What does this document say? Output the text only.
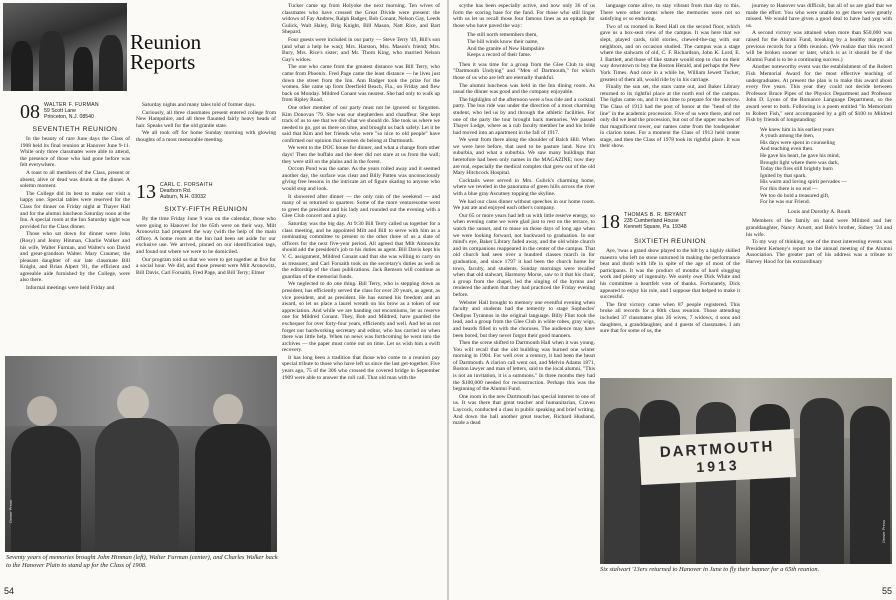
Reunion
Reports
08 WALTER F. FURMAN
59 Scott Lane
Princeton, N.J. 08540
SEVENTIETH REUNION

In the beauty of rare June days the Class of 1908 held its final reunion at Hanover June 9-11. While only three classmates were able to attend, the presence of those who had gone before was felt everywhere.

A toast to all members of the Class, present or absent, alive or dead was drunk at the dinner. A solemn moment.

The College did its best to make our visit a happy one. Special tables were reserved for the Class for dinner on Friday night at Thayer Hall and for the alumni luncheon Saturday noon at the Inn. A special room at the Inn Saturday night was provided for the Class dinner.

Those who sat down for dinner were John (Rosy) and Jenny Hinman, Charlie Walker and his wife, Walter Furman, and Walter's son David and great-grandson Walter. Mary Craumer, the pleasant daughter of our late classmate Bill Knight, and Brian Alpert '81, the efficient and agreeable aide furnished by the College, were also there.

Informal meetings were held Friday and

Saturday nights and many tales told of former days.

Curiously, all three classmates present entered college from New Hampshire, and all three flaunted fairly heavy heads of hair. Speaks well for the old granite state.

We all took off for home Sunday morning with glowing thoughts of a most memorable meeting.

13 CARL C. FORSAITH
Dearborn Rd.
Auburn, N.H. 03032
SIXTY-FIFTH REUNION

By the time Friday June 9 was on the calendar, those who were going to Hanover for the 65th were on their way. Milt Aronowitz had prepared the way (with the help of the main office). A home room at the Inn had been set aside for our exclusive use. We arrived, pinned on our identification tags, and found out where we were to be domiciled.

Our program told us that we were to get together at five for a social hour. We did, and those present were Milt Aronowitz, Bill Davis, Carl Forsaith, Fred Page, and Bill Terry; Elmer

Tucker came up from Holyoke the next morning. Ten wives of classmates who have crossed the Great Divide were present: the widows of Fay Andrew, Ralph Badger, Bob Conant, Nelson Gay, Leeds Gulick, Walt Haley, Brig Knight, Bill Mason, Natt Rice, and Bart Shepard.

Four guests were included in our party — Steve Terry '49, Bill's son (and what a help he was); Mrs. Harston, Mrs. Mason's friend; Mrs. Bury, Mrs. Rice's sister; and Mr. Thorn King, who married Nelson Gay's widow.

The one who came from the greatest distance was Bill Terry, who came from Phoenix. Fred Page came the least distance — he lives just down the street from the Inn. Ann Badger took the prize for the women. She came up from Deerfield Beach, Fla., on Friday and flew back on Monday. Mildred Conant was nearest. She had only to walk up from Ripley Road.

One other member of our party must not be ignored or forgotten. Kim Donovan '79. She was our shepherdess and chauffeur. She kept track of us to see that we did what we should do. She took us where we needed to go, got us there on time, and brought us back safely. Let it be said that Kim and her friends who were "so nice to old people" have confirmed our opinion that women do belong at Dartmouth.

We went to the DOC house for dinner, and what a change from other days! Then the buffalo and the deer did not stare at us from the wall; they were still on the plains and in the forest.

Occom Pond was the same. As the years rolled away and it seemed another day, the surface was clear and Billy Patten was unconsciously giving free lessons in the intricate art of figure skating to anyone who would stop and look.

It showered after dinner — the only rain of the weekend — and many of us returned to quarters. Some of the more venturesome went to greet the president and his lady and rounded out the evening with a Glee Club concert and a play.

Saturday was the big day. At 9:30 Bill Terry called us together for a class meeting, and he appointed Milt and Bill to serve with him as a nominating committee to present to the other three of us a slate of officers for the next five-year period. All agreed that Milt Aronowitz should add the president's job to his duties as agent. Bill Davis kept his V. C. assignment, Mildred Conant said that she was willing to carry on as treasurer, and Carl Forsaith took on the secretary's duties as well as the editorship of the class publications. Jack Remson will continue as guardian of the memorial funds.

We neglected to do one thing. Bill Terry, who is stepping down as president, has efficiently served the class for over 20 years, as agent, as vice president, and as president. He has earned his freedom and an award, so let us place a laurel wreath on his brow as a token of our appreciation. And while we are handing out encomiums, let us reserve one for Mildred Conant. They, Bob and Mildred, have guarded the exchequer for over forty-four years, efficiently and well. And let us not forget our hardworking secretary and editor, who has carried on when there was little help. When no news was forthcoming he went into the archives — the paper must come out on time. Let us wish him a swift recovery.

It has long been a tradition that those who come to a reunion pay special tribute to those who have left us since the last get-together. Five years ago, 75 of the 306 who crossed the covered bridge in September 1909 were able to answer the roll call. That old man with the

Dewer Press
Seventy years of memories brought John Hinman (left), Walter Furman (center), and Charles Walker back to the Hanover Plain to stand up for the Class of 1908.
54

scythe has been especially active, and now only 36 of us form the scoring base for the fund. For those who still linger with us let us recall those four famous lines as an epitaph for those who have paved the way:

The still north remembers them,
The hill winds know their name,
And the granite of New Hampshire
Keeps a record of their fame.

Then it was time for a group from the Glee Club to sing "Dartmouth Undying" and "Men of Dartmouth," for which those of us who are left are eternally thankful.

The alumni luncheon was held in the Inn dining room. As usual the dinner was good and the company enjoyable.

The highlights of the afternoon were a bus ride and a cocktail party. The bus ride was under the direction of a most charming student, who led us by and through the athletic facilities. For one of the party the tour brought back memories. We passed Thayer Lodge, where as a cub faculty member he and his bride had moved into an apartment in the fall of 1917.

We went from there along the shoulder of Balch Hill. When we were here before, that used to be pasture land. Now it's suburbia, and what a suburbia. We saw many buildings that heretofore had been only names in the MAGAZINE; now they are real, especially the medical complex that grew out of the old Mary Hitchcock Hospital.

Cocktails were served in Mrs. Gulick's charming home, where we reveled in the panorama of green hills across the river with a blue gray Ascutney topping the skyline.

We had our class dinner without speeches in our home room. We just ate and enjoyed each other's company.

Our 65 or more years had left us with little reserve energy, so when evening came we were glad just to rest on the terrace, to watch the sunset, and to muse on those days of long ago when we were looking forward, not backward to graduation. In our mind's eye, Baker Library faded away, and the old white church and its companions reappeared in the center of the campus. That old church had seen over a hundred classes march in for graduation, and since 1797 it had been the church home for town, faculty, and students. Sunday mornings were recalled when that old stalwart, Harmony Morse, saw to it that his choir, a group from the chapel, led the singing of the hymns and rendered the anthem that they had practiced the Friday evening before.

Webster Hall brought to memory one eventful evening when faculty and students had the temerity to stage Sophocles' Oedipus Tyrannus in the original language. Billy Flint took the lead, and a group from the Glee Club in white robes, gray wigs, and beards filled in with the choruses. The audience may have been bored, but they never forgot their good manners.

Then the scene shifted to Dartmouth Hall when it was young. You will recall that the old building was burned one winter morning in 1904. For well over a century, it had been the heart of Dartmouth. A clarion call went out, and Melvin Adams 1871, Boston lawyer and man of letters, said to the local alumni, "This is not an invitation, it is a summons." In three months they had the $100,000 needed for reconstruction. Perhaps this was the beginning of the Alumni Fund.

One room in the new Dartmouth has special interest to one of us. It was there that great teacher and humanitarian, Craven Laycock, conducted a class in public speaking and brief writing. And down the hall another great teacher, Richard Husband, made a dead

language come alive, to stay vibrant from that day to this. There were other rooms where the memories were not so satisfying or so enduring.

Two of us roomed in Reed Hall on the second floor, which gave us a box-seat view of the campus. It was here that we slept, played cards, told stories, chewed-the-rag with our neighbors, and on occasion studied. The campus was a stage where the stalwarts of old, C. F. Richardson, John K. Lord, E. J. Bartlett, and those of like stature would stop to chat on their way downtown to buy the Boston Herald, and perhaps the New York Times. And once in a while he, William Jewett Tucker, greatest of them all, would ride by in his carriage.

Finally the sun set, the stars came out, and Baker Library returned to its rightful place at the north end of the campus. The lights came on, and it was time to prepare for the morrow. The Class of 1913 had the post of honor at the "head of the line" in the academic procession. Five of us were there, and not only did we lead the procession, but out of the upper reaches of that magnificent tower, our names came from the loudspeaker in clarion tones. For a moment the Class of 1913 held center stage, and then the Class of 1978 took its rightful place. It was their show.

18 THOMAS B. R. BRYANT
235 Cumberland House
Kennett Square, Pa. 19348
SIXTIETH REUNION

Aye, 'twas a grand show played to the hilt by a highly skilled maestro who left no stone unturned in making the performance beat and throb with life in spite of the age of most of the participants. It was the product of months of hard slogging work and plenty of ingenuity. We surely owe Dick White and his committee a heartfelt vote of thanks. Fortunately, Dick appeared to enjoy his role, and I suppose that helped to make it successful.

The first victory came when 87 people registered. This broke all records for a 60th class reunion. Those attending included 37 classmates plus 26 wives, 7 widows, 4 sons and daughters, a granddaughter, and 4 guests of classmates. I am sure that for some of us, the

journey to Hanover was difficult, but all of us are glad that we made the effort. You who were unable to get there were greatly missed. We would have given a good deal to have had you with us.

A second victory was attained when more than $50,000 was raised for the Alumni Fund, breaking by a healthy margin all previous records for a 60th reunion. (We realize that this record will be broken sooner or later, which is as it should be if the Alumni Fund is to be a continuing success.)

Another noteworthy event was the establishment of the Robert Fish Memorial Award for the most effective teaching of undergraduates. At present the plan is to make this award about every five years. This year they could not decide between Professor Bruce Pipes of the Physics Department and Professor John D. Lyons of the Romance Language Department, so the award went to both. Following is a poem entitled "In Memoriam to Robert Fish," sent accompanied by a gift of $100 to Mildred Fish by friends of longstanding:

We knew him in his earliest years
A youth among the men,
His days were spent in counseling
And teaching even then.
He gave his heart, he gave his mind,
Brought light where there was dark,
Today the fires still brightly burn
Ignited by that spark.
His warm and loving spirit pervades —
For this there is no end —
We too do hold a treasured gift,
For he was our Friend.
Louis and Dorothy A. Routh

Members of the family on hand were Mildred and her granddaughter, Nancy Arnott, and Bob's brother, Sidney '24 and his wife.

To my way of thinking, one of the most interesting events was President Kemeny's report to the annual meeting of the Alumni Association. The greater part of his address was a tribute to Harvey Hood for his extraordinary

DARTMOUTH
1913
Dewer Press
Six stalwart '13ers returned to Hanover in June to fly their banner for a 65th reunion.
55
